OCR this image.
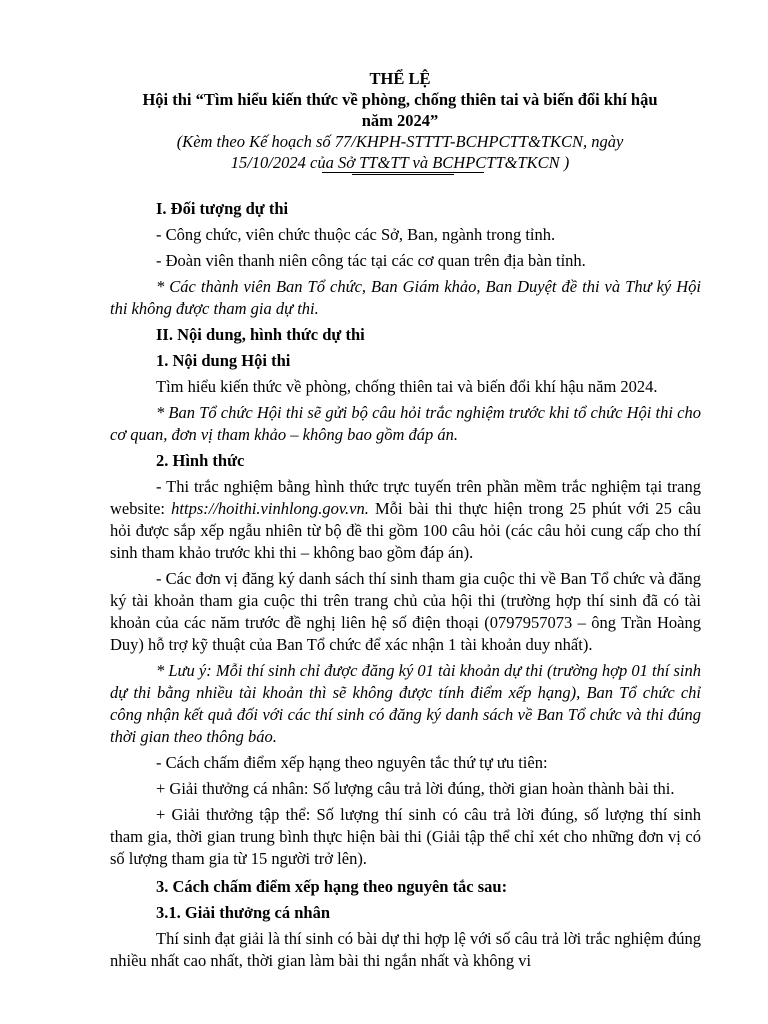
THỂ LỆ
Hội thi “Tìm hiểu kiến thức về phòng, chống thiên tai và biến đổi khí hậu
năm 2024”
(Kèm theo Kế hoạch số 77/KHPH-STTTT-BCHPCTT&TKCN, ngày
15/10/2024 của Sở TT&TT và BCHPCTT&TKCN )

I. Đối tượng dự thi

- Công chức, viên chức thuộc các Sở, Ban, ngành trong tỉnh.

- Đoàn viên thanh niên công tác tại các cơ quan trên địa bàn tỉnh.

* Các thành viên Ban Tổ chức, Ban Giám khảo, Ban Duyệt đề thi và Thư ký Hội thi không được tham gia dự thi.

II. Nội dung, hình thức dự thi

1. Nội dung Hội thi

Tìm hiểu kiến thức về phòng, chống thiên tai và biến đổi khí hậu năm 2024.

* Ban Tổ chức Hội thi sẽ gửi bộ câu hỏi trắc nghiệm trước khi tổ chức Hội thi cho cơ quan, đơn vị tham khảo – không bao gồm đáp án.

2. Hình thức

- Thi trắc nghiệm bằng hình thức trực tuyến trên phần mềm trắc nghiệm tại trang website: https://hoithi.vinhlong.gov.vn. Mỗi bài thi thực hiện trong 25 phút với 25 câu hỏi được sắp xếp ngẫu nhiên từ bộ đề thi gồm 100 câu hỏi (các câu hỏi cung cấp cho thí sinh tham khảo trước khi thi – không bao gồm đáp án).

- Các đơn vị đăng ký danh sách thí sinh tham gia cuộc thi về Ban Tổ chức và đăng ký tài khoản tham gia cuộc thi trên trang chủ của hội thi (trường hợp thí sinh đã có tài khoản của các năm trước đề nghị liên hệ số điện thoại (0797957073 – ông Trần Hoàng Duy) hỗ trợ kỹ thuật của Ban Tổ chức để xác nhận 1 tài khoản duy nhất).

* Lưu ý: Mỗi thí sinh chỉ được đăng ký 01 tài khoản dự thi (trường hợp 01 thí sinh dự thi bằng nhiều tài khoản thì sẽ không được tính điểm xếp hạng), Ban Tổ chức chỉ công nhận kết quả đối với các thí sinh có đăng ký danh sách về Ban Tổ chức và thi đúng thời gian theo thông báo.

- Cách chấm điểm xếp hạng theo nguyên tắc thứ tự ưu tiên:

+ Giải thưởng cá nhân: Số lượng câu trả lời đúng, thời gian hoàn thành bài thi.

+ Giải thưởng tập thể: Số lượng thí sinh có câu trả lời đúng, số lượng thí sinh tham gia, thời gian trung bình thực hiện bài thi (Giải tập thể chỉ xét cho những đơn vị có số lượng tham gia từ 15 người trở lên).

3. Cách chấm điểm xếp hạng theo nguyên tắc sau:

3.1. Giải thưởng cá nhân

Thí sinh đạt giải là thí sinh có bài dự thi hợp lệ với số câu trả lời trắc nghiệm đúng nhiều nhất cao nhất, thời gian làm bài thi ngắn nhất và không vi
